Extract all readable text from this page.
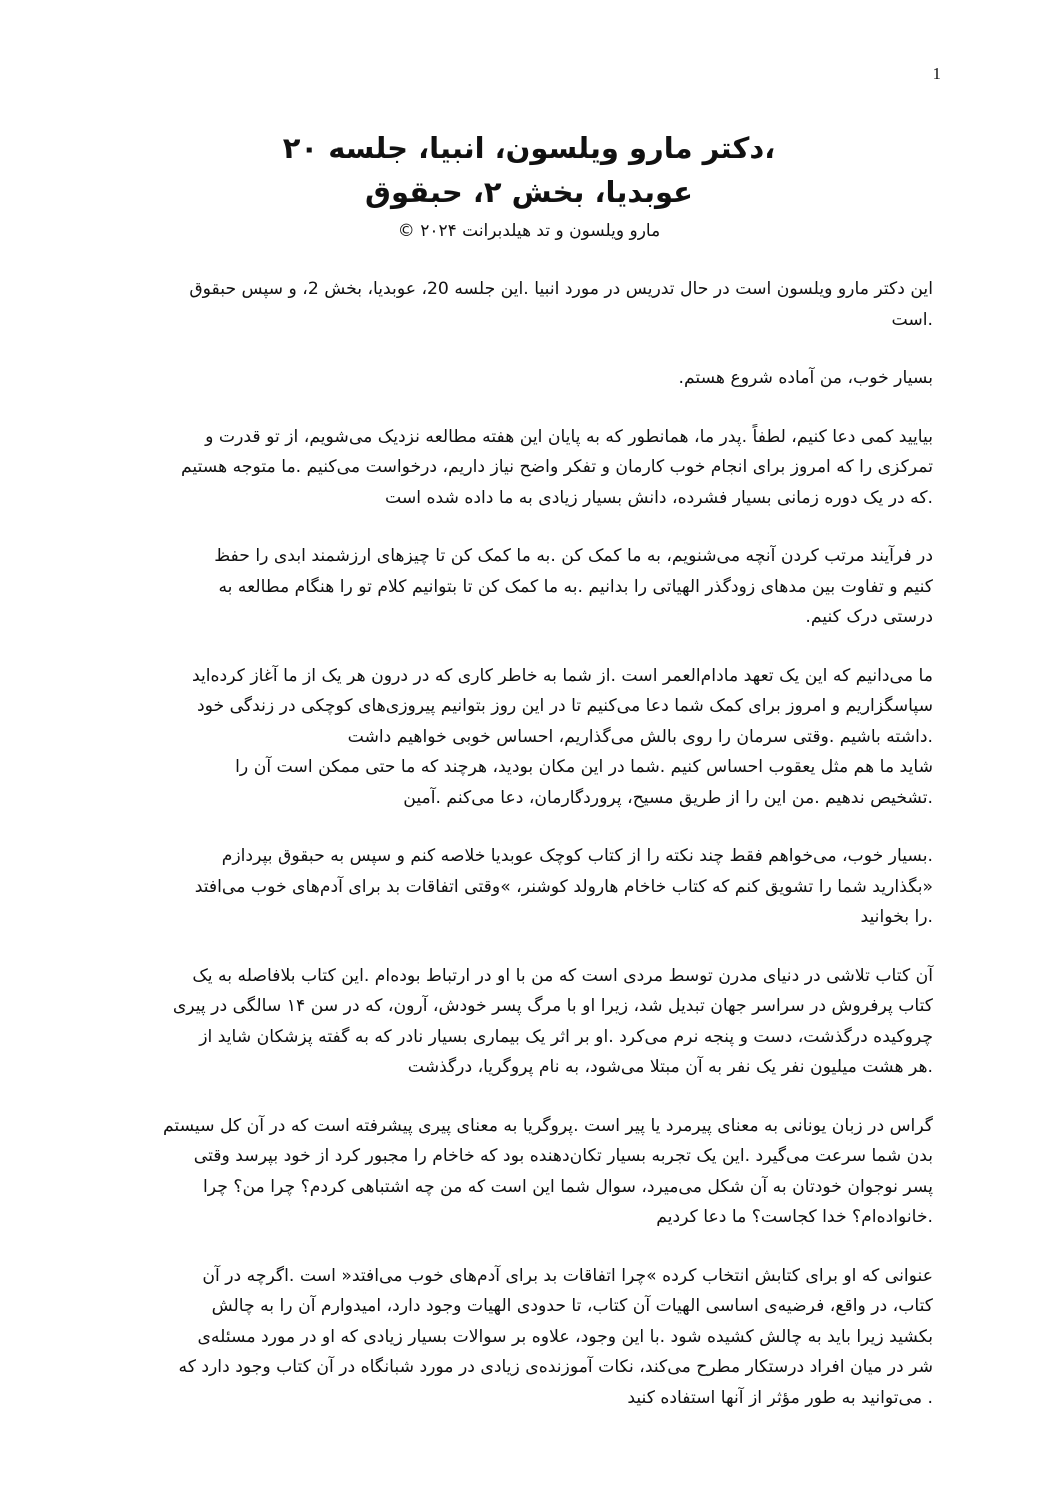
1
،دکتر مارو ویلسون، انبیا، جلسه ۲۰
عوبدیا، بخش ۲، حبقوق
مارو ویلسون و تد هیلدبرانت ۲۰۲۴ ©

این دکتر مارو ویلسون است در حال تدریس در مورد انبیا .این جلسه 20، عوبدیا، بخش 2، و سپس حبقوق
.است

بسیار خوب، من آماده شروع هستم.

بیایید کمی دعا کنیم، لطفاً .پدر ما، همانطور که به پایان این هفته مطالعه نزدیک می‌شویم، از تو قدرت و
تمرکزی را که امروز برای انجام خوب کارمان و تفکر واضح نیاز داریم، درخواست می‌کنیم .ما متوجه هستیم
.که در یک دوره زمانی بسیار فشرده، دانش بسیار زیادی به ما داده شده است

در فرآیند مرتب کردن آنچه می‌شنویم، به ما کمک کن .به ما کمک کن تا چیزهای ارزشمند ابدی را حفظ
کنیم و تفاوت بین مدهای زودگذر الهیاتی را بدانیم .به ما کمک کن تا بتوانیم کلام تو را هنگام مطالعه به
درستی درک کنیم.

ما می‌دانیم که این یک تعهد مادام‌العمر است .از شما به خاطر کاری که در درون هر یک از ما آغاز کرده‌اید
سپاسگزاریم و امروز برای کمک شما دعا می‌کنیم تا در این روز بتوانیم پیروزی‌های کوچکی در زندگی خود
.داشته باشیم .وقتی سرمان را روی بالش می‌گذاریم، احساس خوبی خواهیم داشت
شاید ما هم مثل یعقوب احساس کنیم .شما در این مکان بودید، هرچند که ما حتی ممکن است آن را
.تشخیص ندهیم .من این را از طریق مسیح، پروردگارمان، دعا می‌کنم .آمین

.بسیار خوب، می‌خواهم فقط چند نکته را از کتاب کوچک عوبدیا خلاصه کنم و سپس به حبقوق بپردازم
«بگذارید شما را تشویق کنم که کتاب خاخام هارولد کوشنر، »وقتی اتفاقات بد برای آدم‌های خوب می‌افتد
.را بخوانید

آن کتاب تلاشی در دنیای مدرن توسط مردی است که من با او در ارتباط بوده‌ام .این کتاب بلافاصله به یک
کتاب پرفروش در سراسر جهان تبدیل شد، زیرا او با مرگ پسر خودش، آرون، که در سن ۱۴ سالگی در پیری
چروکیده درگذشت، دست و پنجه نرم می‌کرد .او بر اثر یک بیماری بسیار نادر که به گفته پزشکان شاید از
.هر هشت میلیون نفر یک نفر به آن مبتلا می‌شود، به نام پروگریا، درگذشت

گراس در زبان یونانی به معنای پیرمرد یا پیر است .پروگریا به معنای پیری پیشرفته است که در آن کل سیستم
بدن شما سرعت می‌گیرد .این یک تجربه بسیار تکان‌دهنده بود که خاخام را مجبور کرد از خود بپرسد وقتی
پسر نوجوان خودتان به آن شکل می‌میرد، سوال شما این است که من چه اشتباهی کردم؟ چرا من؟ چرا
.خانواده‌ام؟ خدا کجاست؟ ما دعا کردیم

عنوانی که او برای کتابش انتخاب کرده »چرا اتفاقات بد برای آدم‌های خوب می‌افتد« است .اگرچه در آن
کتاب، در واقع، فرضیه‌ی اساسی الهیات آن کتاب، تا حدودی الهیات وجود دارد، امیدوارم آن را به چالش
بکشید زیرا باید به چالش کشیده شود .با این وجود، علاوه بر سوالات بسیار زیادی که او در مورد مسئله‌ی
شر در میان افراد درستکار مطرح می‌کند، نکات آموزنده‌ی زیادی در مورد شبانگاه در آن کتاب وجود دارد که
. می‌توانید به طور مؤثر از آنها استفاده کنید
